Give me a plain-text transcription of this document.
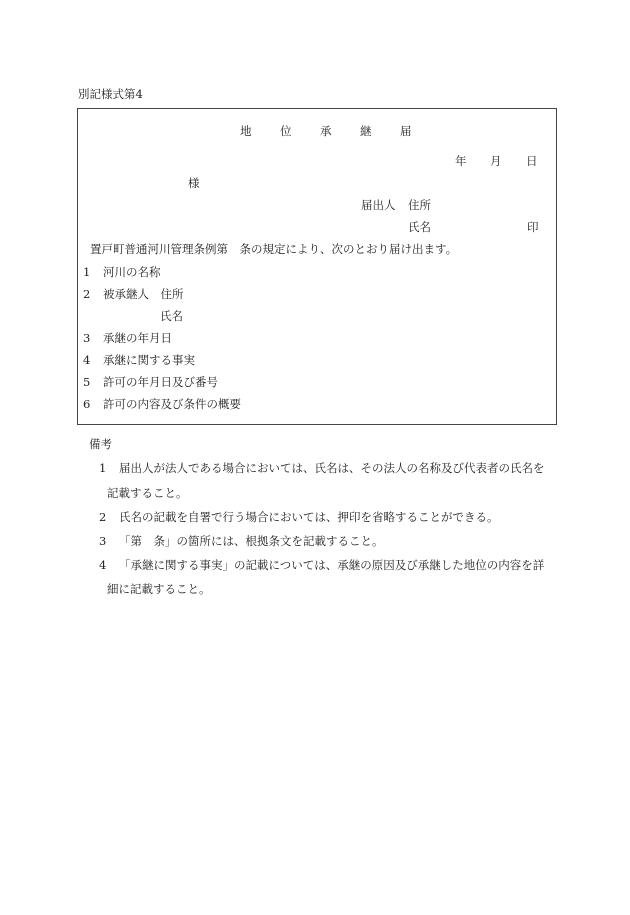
別記様式第4
地 位 承 継 届
年 月 日
様
届出人 住所
氏名	印
置戸町普通河川管理条例第　条の規定により、次のとおり届け出ます。
1 河川の名称
2 被承継人　住所
氏名
3 承継の年月日
4 承継に関する事実
5 許可の年月日及び番号
6 許可の内容及び条件の概要
備考
1 届出人が法人である場合においては、氏名は、その法人の名称及び代表者の氏名を
記載すること。
2 氏名の記載を自署で行う場合においては、押印を省略することができる。
3 「第　条」の箇所には、根拠条文を記載すること。
4 「承継に関する事実」の記載については、承継の原因及び承継した地位の内容を詳
細に記載すること。
